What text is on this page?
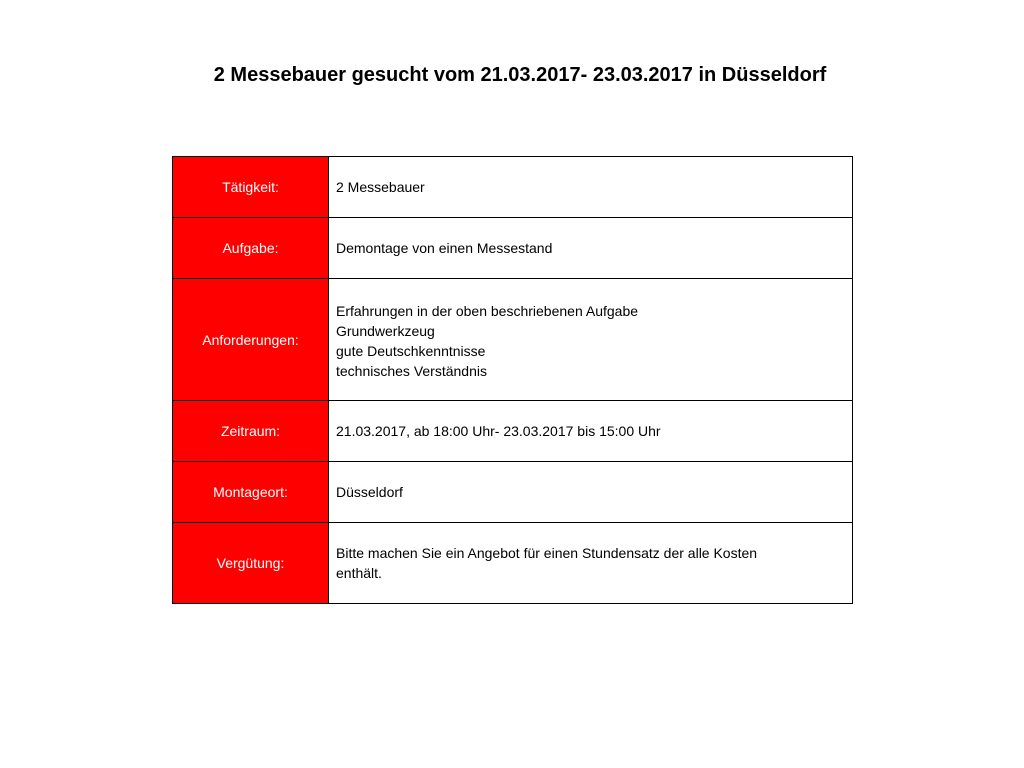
2 Messebauer gesucht vom 21.03.2017- 23.03.2017 in Düsseldorf
Tätigkeit:	2 Messebauer
Aufgabe:	Demontage von einen Messestand
Anforderungen:	Erfahrungen in der oben beschriebenen Aufgabe
Grundwerkzeug
gute Deutschkenntnisse
technisches Verständnis

Zeitraum:	21.03.2017, ab 18:00 Uhr- 23.03.2017 bis 15:00 Uhr
Montageort:	Düsseldorf
Vergütung:	Bitte machen Sie ein Angebot für einen Stundensatz der alle Kosten
enthält.
